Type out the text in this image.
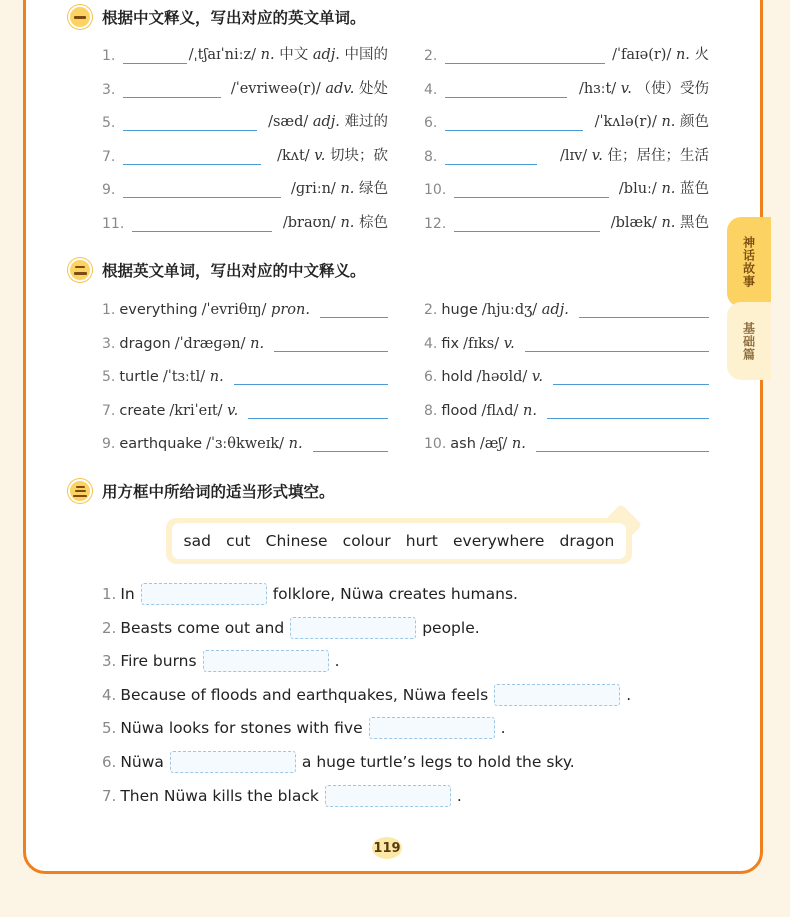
神话故事
基础篇
根据中文释义，写出对应的英文单词。
1.	/ˌtʃaɪˈniːz/ n. 中文 adj. 中国的	2.	/ˈfaɪə(r)/ n. 火
3.	/ˈevriweə(r)/ adv. 处处	4.	/hɜːt/ v. （使）受伤
5.	/sæd/ adj. 难过的	6.	/ˈkʌlə(r)/ n. 颜色
7.	/kʌt/ v. 切块；砍	8.	/lɪv/ v. 住；居住；生活
9.	/ɡriːn/ n. 绿色	10.	/bluː/ n. 蓝色
11.	/braʊn/ n. 棕色	12.	/blæk/ n. 黑色
根据英文单词，写出对应的中文释义。
1. everything /ˈevriθɪŋ/ pron.	2. huge /hjuːdʒ/ adj.
3. dragon /ˈdræɡən/ n.	4. fix /fɪks/ v.
5. turtle /ˈtɜːtl/ n.	6. hold /həʊld/ v.
7. create /kriˈeɪt/ v.	8. flood /flʌd/ n.
9. earthquake /ˈɜːθkweɪk/ n.	10. ash /æʃ/ n.
用方框中所给词的适当形式填空。
sad cut Chinese colour hurt everywhere dragon
1. In	folklore, Nüwa creates humans.
2. Beasts come out and	people.
3. Fire burns	.
4. Because of floods and earthquakes, Nüwa feels	.
5. Nüwa looks for stones with five	.
6. Nüwa	a huge turtle’s legs to hold the sky.
7. Then Nüwa kills the black	.
119
